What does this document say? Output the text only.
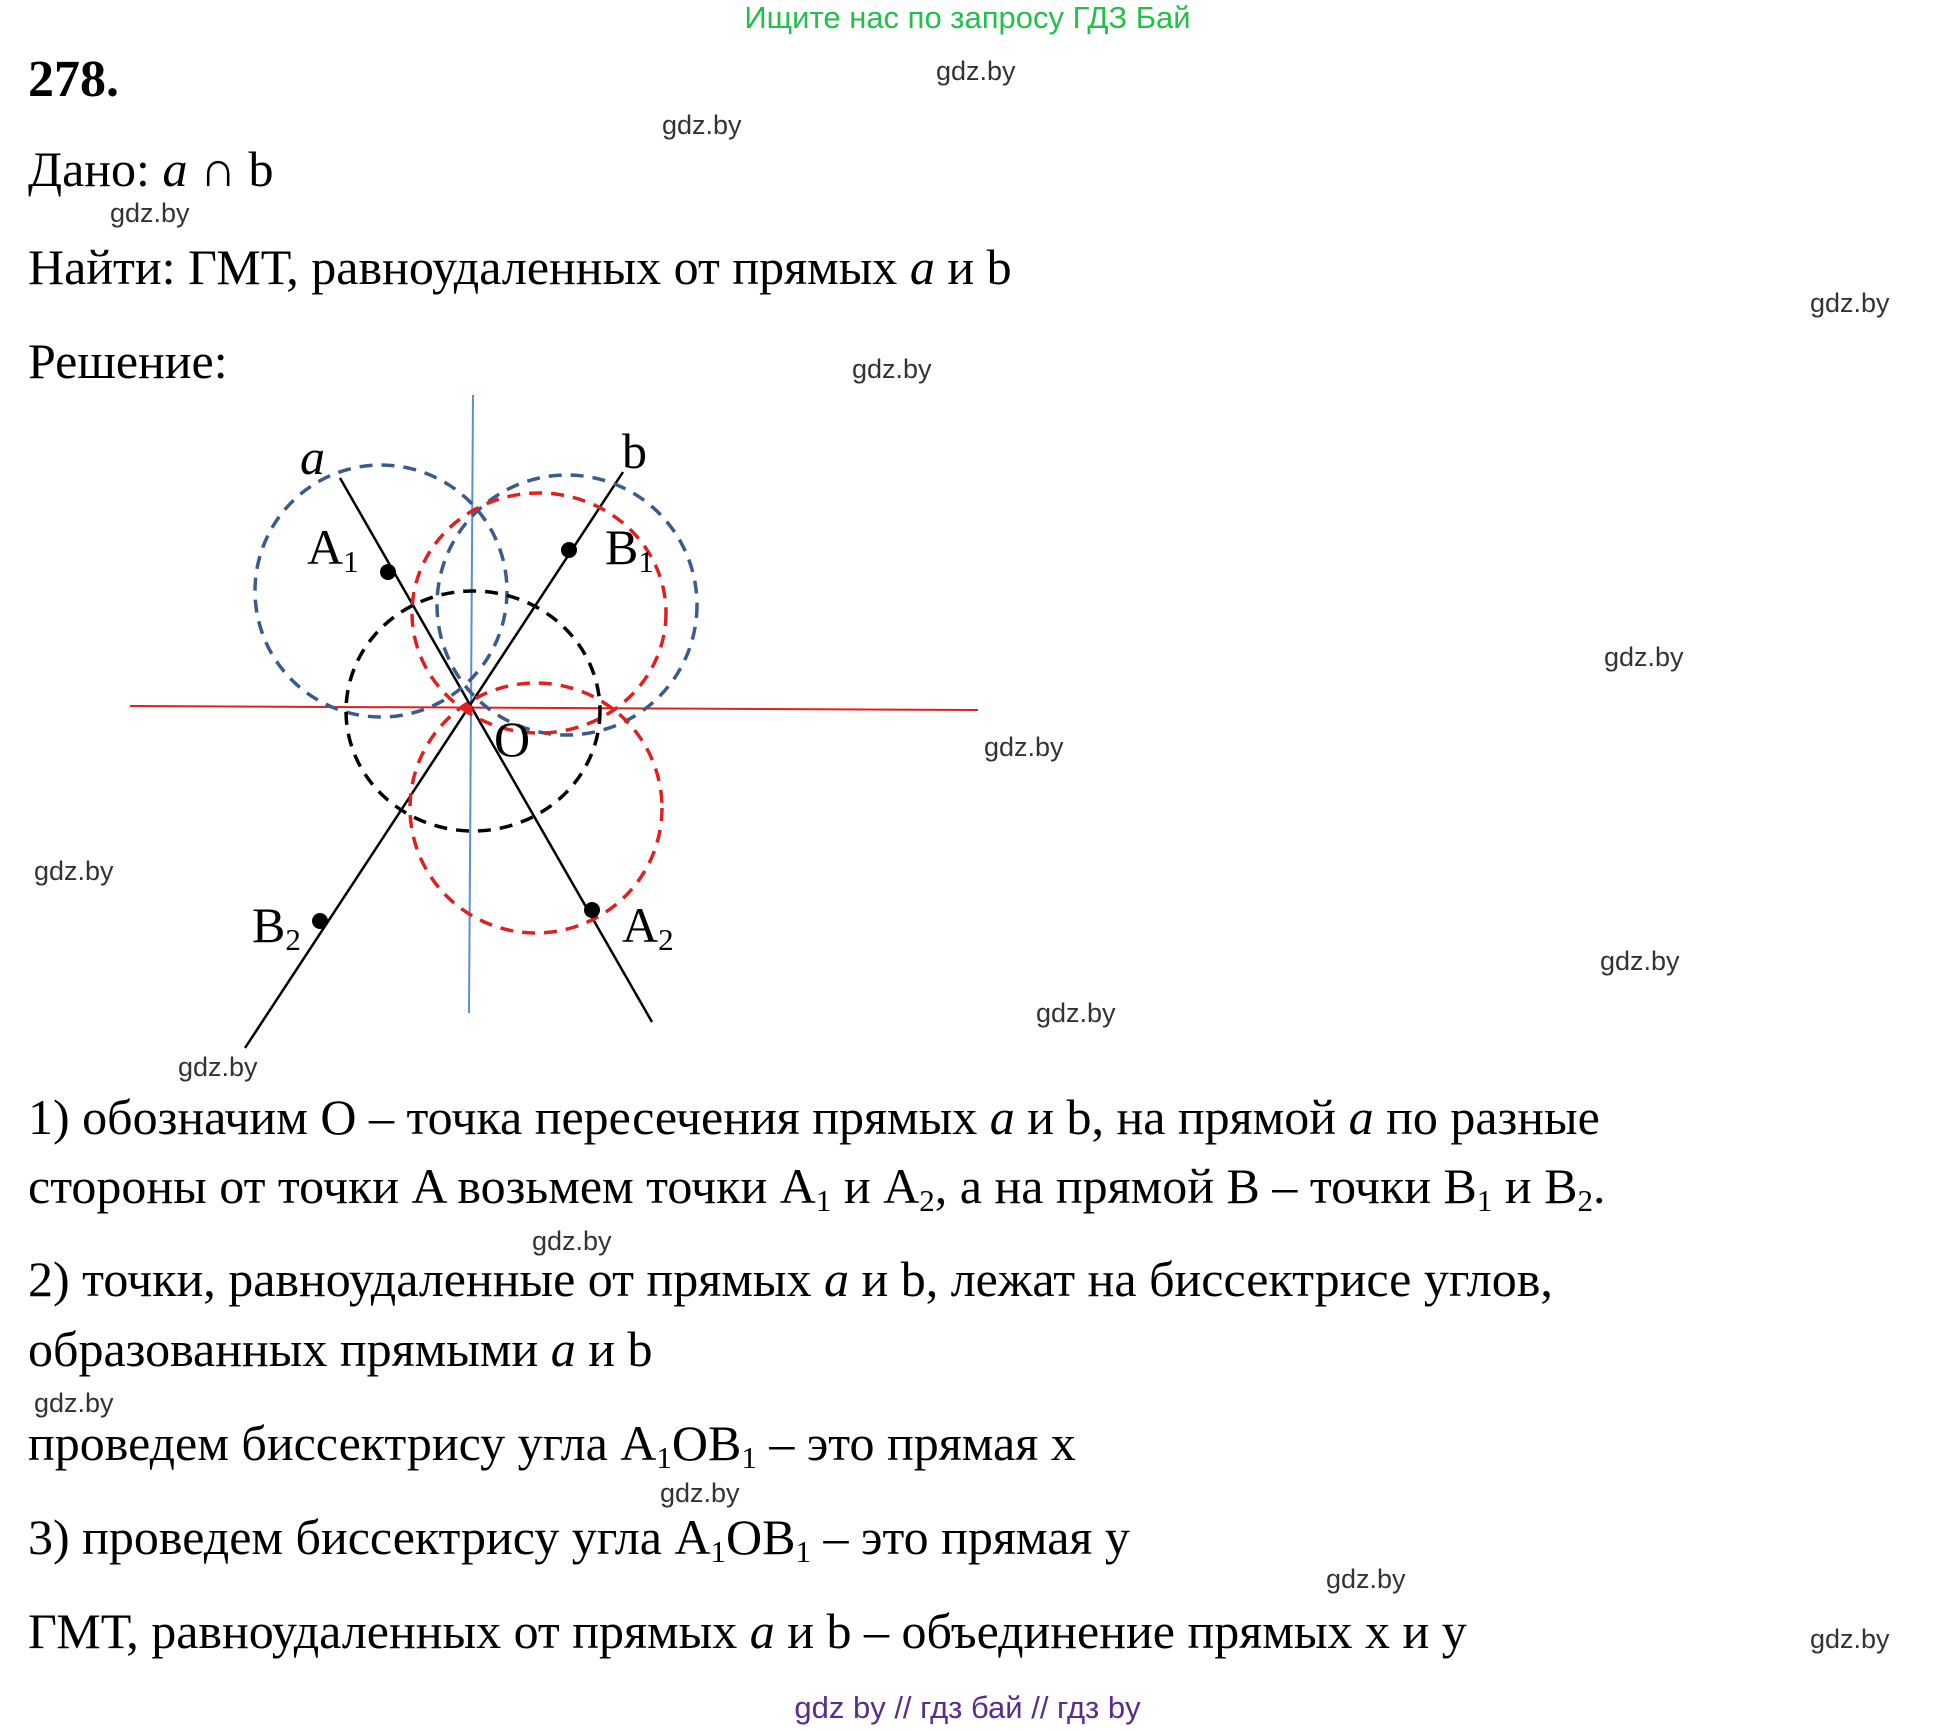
Ищите нас по запросу ГДЗ Бай
278.
Дано: a ∩ b
Найти: ГМТ, равноудаленных от прямых a и b
Решение:
a	b
$A_1$	$B_1$
O
$B_2$	$A_2$
1) обозначим O – точка пересечения прямых a и b, на прямой a по разные
стороны от точки A возьмем точки $A_1$ и $A_2$, а на прямой B – точки $B_1$ и $B_2$.
2) точки, равноудаленные от прямых a и b, лежат на биссектрисе углов,
образованных прямыми a и b
проведем биссектрису угла $A_1OB_1$ – это прямая x
3) проведем биссектрису угла $A_1OB_1$ – это прямая y
ГМТ, равноудаленных от прямых a и b – объединение прямых x и y
gdz.by
gdz.by
gdz.by
gdz.by
gdz.by
gdz.by
gdz.by
gdz.by
gdz.by
gdz.by
gdz.by
gdz.by
gdz.by
gdz.by
gdz.by
gdz.by
gdz by // гдз бай // гдз by
